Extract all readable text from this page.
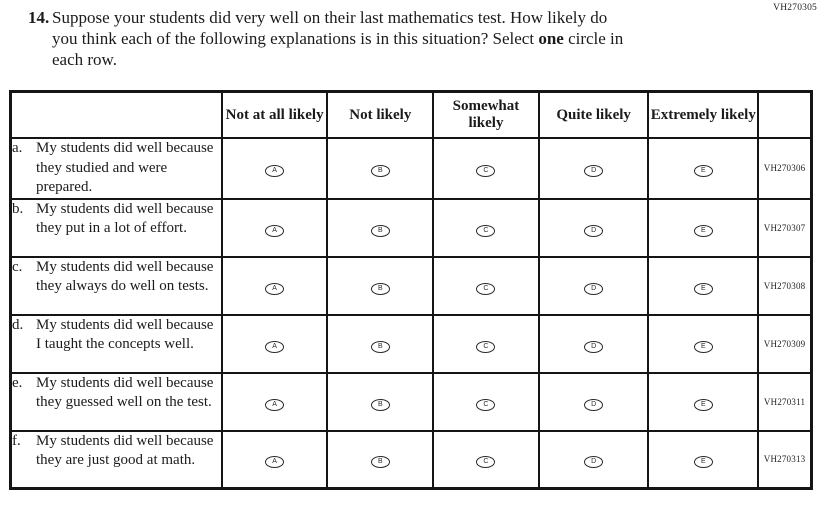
VH270305
14. Suppose your students did very well on their last mathematics test. How likely do
you think each of the following explanations is in this situation? Select one circle in
each row.
	Not at all likely	Not likely	Somewhat likely	Quite likely	Extremely likely	

a. My students did well because they studied and were prepared.	A	B	C	D	E	VH270306

b. My students did well because they put in a lot of effort.	A	B	C	D	E	VH270307

c. My students did well because they always do well on tests.	A	B	C	D	E	VH270308

d. My students did well because I taught the concepts well.	A	B	C	D	E	VH270309

e. My students did well because they guessed well on the test.	A	B	C	D	E	VH270311

f. My students did well because they are just good at math.	A	B	C	D	E	VH270313
